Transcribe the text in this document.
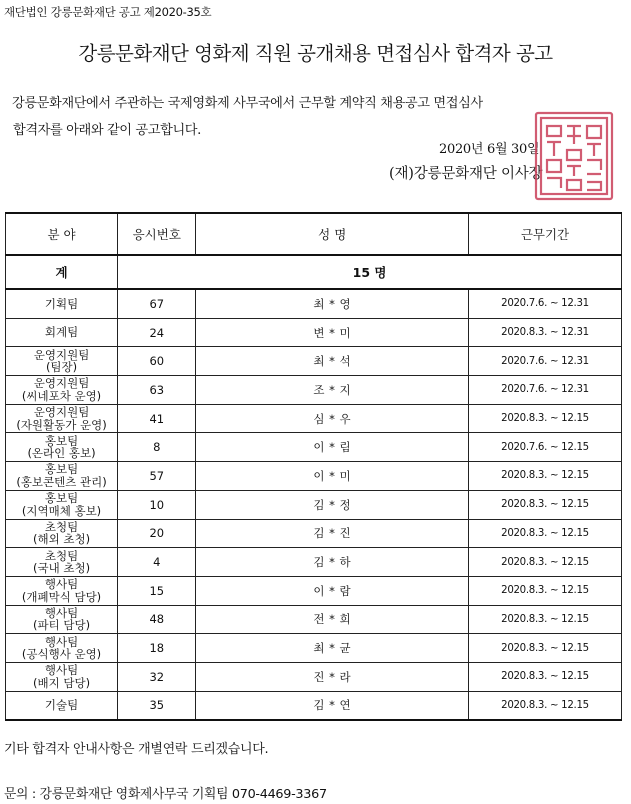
재단법인 강릉문화재단 공고 제2020-35호
강릉문화재단 영화제 직원 공개채용 면접심사 합격자 공고
강릉문화재단에서 주관하는 국제영화제 사무국에서 근무할 계약직 채용공고 면접심사
합격자를 아래와 같이 공고합니다.
2020년 6월 30일
(재)강릉문화재단 이사장
분 야	응시번호	성 명	근무기간
계	15 명		

기획팀	67	최 * 영	2020.7.6. ~ 12.31

회계팀	24	변 * 미	2020.8.3. ~ 12.31

운영지원팀
(팀장)	60	최 * 석	2020.7.6. ~ 12.31

운영지원팀
(씨네포차 운영)	63	조 * 지	2020.7.6. ~ 12.31

운영지원팀
(자원활동가 운영)	41	심 * 우	2020.8.3. ~ 12.15

홍보팀
(온라인 홍보)	8	이 * 림	2020.7.6. ~ 12.15

홍보팀
(홍보콘텐츠 관리)	57	이 * 미	2020.8.3. ~ 12.15

홍보팀
(지역매체 홍보)	10	김 * 정	2020.8.3. ~ 12.15

초청팀
(해외 초청)	20	김 * 진	2020.8.3. ~ 12.15

초청팀
(국내 초청)	4	김 * 하	2020.8.3. ~ 12.15

행사팀
(개폐막식 담당)	15	이 * 람	2020.8.3. ~ 12.15

행사팀
(파티 담당)	48	전 * 희	2020.8.3. ~ 12.15

행사팀
(공식행사 운영)	18	최 * 균	2020.8.3. ~ 12.15

행사팀
(배지 담당)	32	진 * 라	2020.8.3. ~ 12.15

기술팀	35	김 * 연	2020.8.3. ~ 12.15
기타 합격자 안내사항은 개별연락 드리겠습니다.
문의 : 강릉문화재단 영화제사무국 기획팀 070-4469-3367
